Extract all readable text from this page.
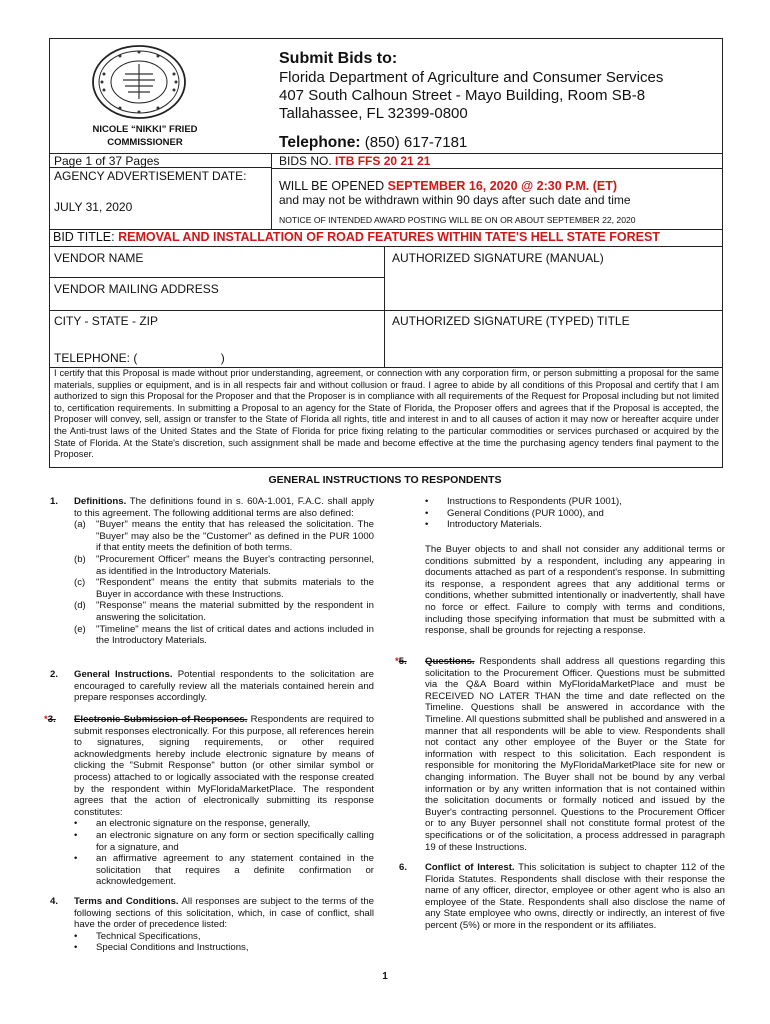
NICOLE “NIKKI” FRIED
COMMISSIONER
Submit Bids to:
Florida Department of Agriculture and Consumer Services
407 South Calhoun Street - Mayo Building, Room SB-8
Tallahassee, FL 32399-0800
Telephone: (850) 617-7181
Page 1 of 37 Pages
AGENCY ADVERTISEMENT DATE:
JULY 31, 2020
BIDS NO. ITB FFS 20 21 21
WILL BE OPENED SEPTEMBER 16, 2020 @ 2:30 P.M. (ET)
and may not be withdrawn within 90 days after such date and time
NOTICE OF INTENDED AWARD POSTING WILL BE ON OR ABOUT SEPTEMBER 22, 2020
BID TITLE: REMOVAL AND INSTALLATION OF ROAD FEATURES WITHIN TATE'S HELL STATE FOREST
VENDOR NAME	AUTHORIZED SIGNATURE (MANUAL)
VENDOR MAILING ADDRESS
CITY - STATE - ZIP	AUTHORIZED SIGNATURE (TYPED) TITLE
TELEPHONE: (                         )
I certify that this Proposal is made without prior understanding, agreement, or connection with any corporation firm, or person submitting a proposal for the same materials, supplies or equipment, and is in all respects fair and without collusion or fraud. I agree to abide by all conditions of this Proposal and certify that I am authorized to sign this Proposal for the Proposer and that the Proposer is in compliance with all requirements of the Request for Proposal including but not limited to, certification requirements. In submitting a Proposal to an agency for the State of Florida, the Proposer offers and agrees that if the Proposal is accepted, the Proposer will convey, sell, assign or transfer to the State of Florida all rights, title and interest in and to all causes of action it may now or hereafter acquire under the Anti-trust laws of the United States and the State of Florida for price fixing relating to the particular commodities or services purchased or acquired by the State of Florida. At the State's discretion, such assignment shall be made and become effective at the time the purchasing agency tenders final payment to the Proposer.
GENERAL INSTRUCTIONS TO RESPONDENTS
1. Definitions. The definitions found in s. 60A-1.001, F.A.C. shall apply to this agreement. The following additional terms are also defined:

(a)	"Buyer" means the entity that has released the solicitation. The "Buyer" may also be the "Customer" as defined in the PUR 1000 if that entity meets the definition of both terms.
(b)	"Procurement Officer" means the Buyer's contracting personnel, as identified in the Introductory Materials.
(c)	"Respondent" means the entity that submits materials to the Buyer in accordance with these Instructions.
(d)	"Response" means the material submitted by the respondent in answering the solicitation.
(e)	"Timeline" means the list of critical dates and actions included in the Introductory Materials.
2. General Instructions. Potential respondents to the solicitation are encouraged to carefully review all the materials contained herein and prepare responses accordingly.

*3. Electronic Submission of Responses. Respondents are required to submit responses electronically. For this purpose, all references herein to signatures, signing requirements, or other required acknowledgments hereby include electronic signature by means of clicking the "Submit Response" button (or other similar symbol or process) attached to or logically associated with the response created by the respondent within MyFloridaMarketPlace. The respondent agrees that the action of electronically submitting its response constitutes:

•	an electronic signature on the response, generally,
•	an electronic signature on any form or section specifically calling for a signature, and
•	an affirmative agreement to any statement contained in the solicitation that requires a definite confirmation or acknowledgement.
4. Terms and Conditions. All responses are subject to the terms of the following sections of this solicitation, which, in case of conflict, shall have the order of precedence listed:

•	Technical Specifications,
•	Special Conditions and Instructions,
•	Instructions to Respondents (PUR 1001),
•	General Conditions (PUR 1000), and
•	Introductory Materials.
The Buyer objects to and shall not consider any additional terms or conditions submitted by a respondent, including any appearing in documents attached as part of a respondent's response. In submitting its response, a respondent agrees that any additional terms or conditions, whether submitted intentionally or inadvertently, shall have no force or effect. Failure to comply with terms and conditions, including those specifying information that must be submitted with a response, shall be grounds for rejecting a response.
*5. Questions. Respondents shall address all questions regarding this solicitation to the Procurement Officer. Questions must be submitted via the Q&A Board within MyFloridaMarketPlace and must be RECEIVED NO LATER THAN the time and date reflected on the Timeline. Questions shall be answered in accordance with the Timeline. All questions submitted shall be published and answered in a manner that all respondents will be able to view. Respondents shall not contact any other employee of the Buyer or the State for information with respect to this solicitation. Each respondent is responsible for monitoring the MyFloridaMarketPlace site for new or changing information. The Buyer shall not be bound by any verbal information or by any written information that is not contained within the solicitation documents or formally noticed and issued by the Buyer's contracting personnel. Questions to the Procurement Officer or to any Buyer personnel shall not constitute formal protest of the specifications or of the solicitation, a process addressed in paragraph 19 of these Instructions.

6. Conflict of Interest. This solicitation is subject to chapter 112 of the Florida Statutes. Respondents shall disclose with their response the name of any officer, director, employee or other agent who is also an employee of the State. Respondents shall also disclose the name of any State employee who owns, directly or indirectly, an interest of five percent (5%) or more in the respondent or its affiliates.

1
